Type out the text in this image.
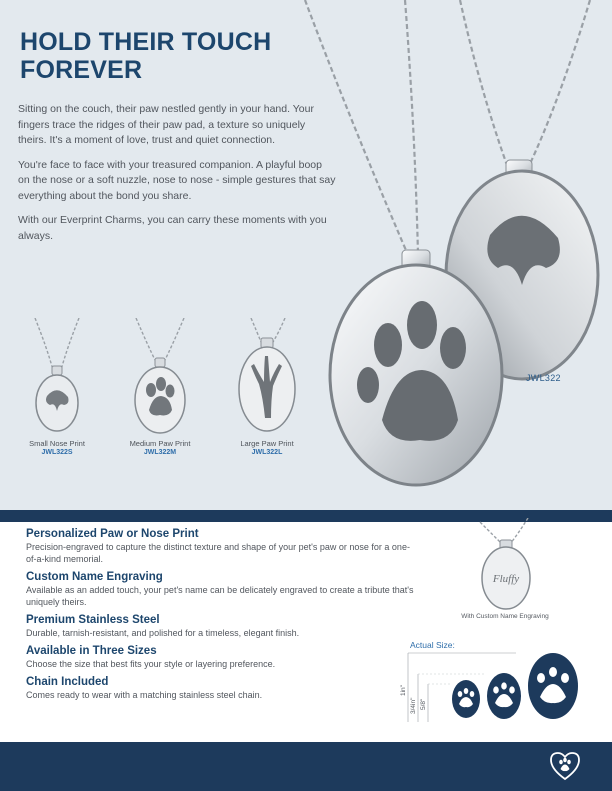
HOLD THEIR TOUCH FOREVER

Sitting on the couch, their paw nestled gently in your hand. Your fingers trace the ridges of their paw pad, a texture so uniquely theirs. It's a moment of love, trust and quiet connection.

You're face to face with your treasured companion. A playful boop on the nose or a soft nuzzle, nose to nose - simple gestures that say everything about the bond you share.

With our Everprint Charms, you can carry these moments with you always.

JWL322
Small Nose Print
JWL322S
Medium Paw Print
JWL322M
Large Paw Print
JWL322L
Personalized Paw or Nose Print
Precision-engraved to capture the distinct texture and shape of your pet's paw or nose for a one-of-a-kind memorial.
Custom Name Engraving
Available as an added touch, your pet's name can be delicately engraved to create a tribute that's uniquely theirs.
Premium Stainless Steel
Durable, tarnish-resistant, and polished for a timeless, elegant finish.
Available in Three Sizes
Choose the size that best fits your style or layering preference.
Chain Included
Comes ready to wear with a matching stainless steel chain.
Fluffy
With Custom Name Engraving
Actual Size:
1in"
3/4in" 5/8"
